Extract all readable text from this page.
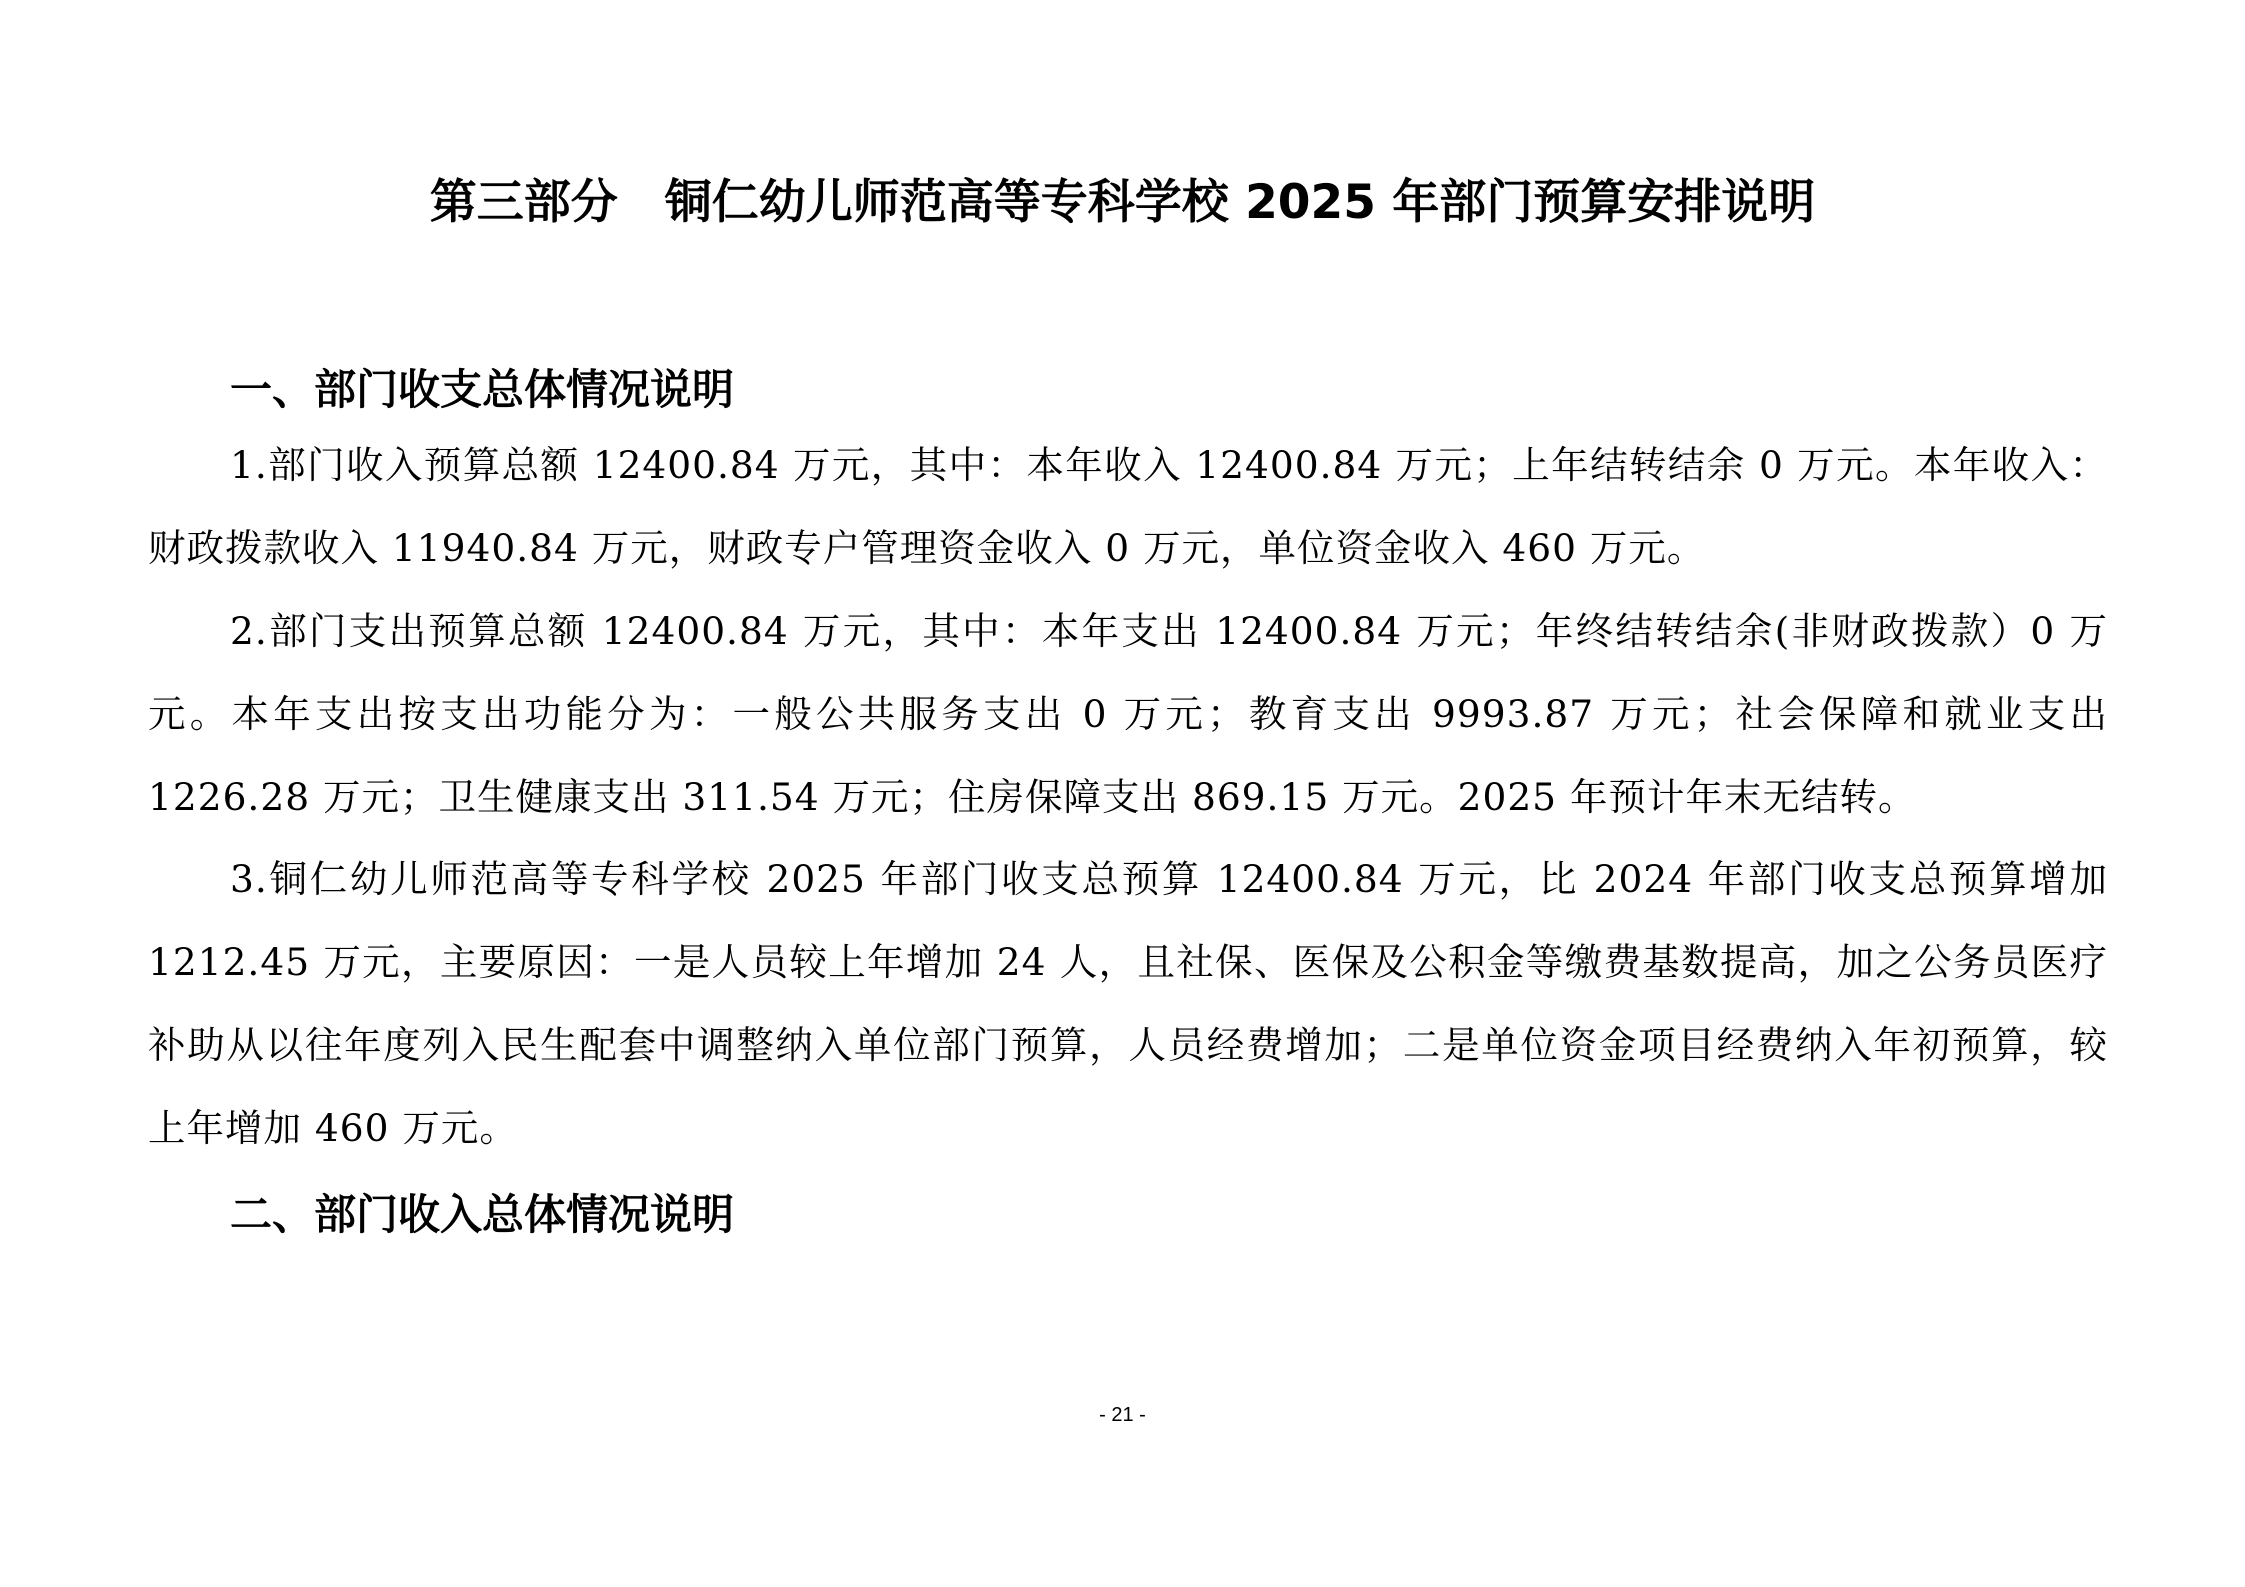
第三部分　铜仁幼儿师范高等专科学校 2025 年部门预算安排说明
一、部门收支总体情况说明

1.部门收入预算总额 12400.84 万元，其中：本年收入 12400.84 万元；上年结转结余 0 万元。本年收入：财政拨款收入 11940.84 万元，财政专户管理资金收入 0 万元，单位资金收入 460 万元。

2.部门支出预算总额 12400.84 万元，其中：本年支出 12400.84 万元；年终结转结余(非财政拨款）0 万元。本年支出按支出功能分为：一般公共服务支出 0 万元；教育支出 9993.87 万元；社会保障和就业支出 1226.28 万元；卫生健康支出 311.54 万元；住房保障支出 869.15 万元。2025 年预计年末无结转。

3.铜仁幼儿师范高等专科学校 2025 年部门收支总预算 12400.84 万元，比 2024 年部门收支总预算增加 1212.45 万元，主要原因：一是人员较上年增加 24 人，且社保、医保及公积金等缴费基数提高，加之公务员医疗补助从以往年度列入民生配套中调整纳入单位部门预算，人员经费增加；二是单位资金项目经费纳入年初预算，较上年增加 460 万元。

二、部门收入总体情况说明
- 21 -
